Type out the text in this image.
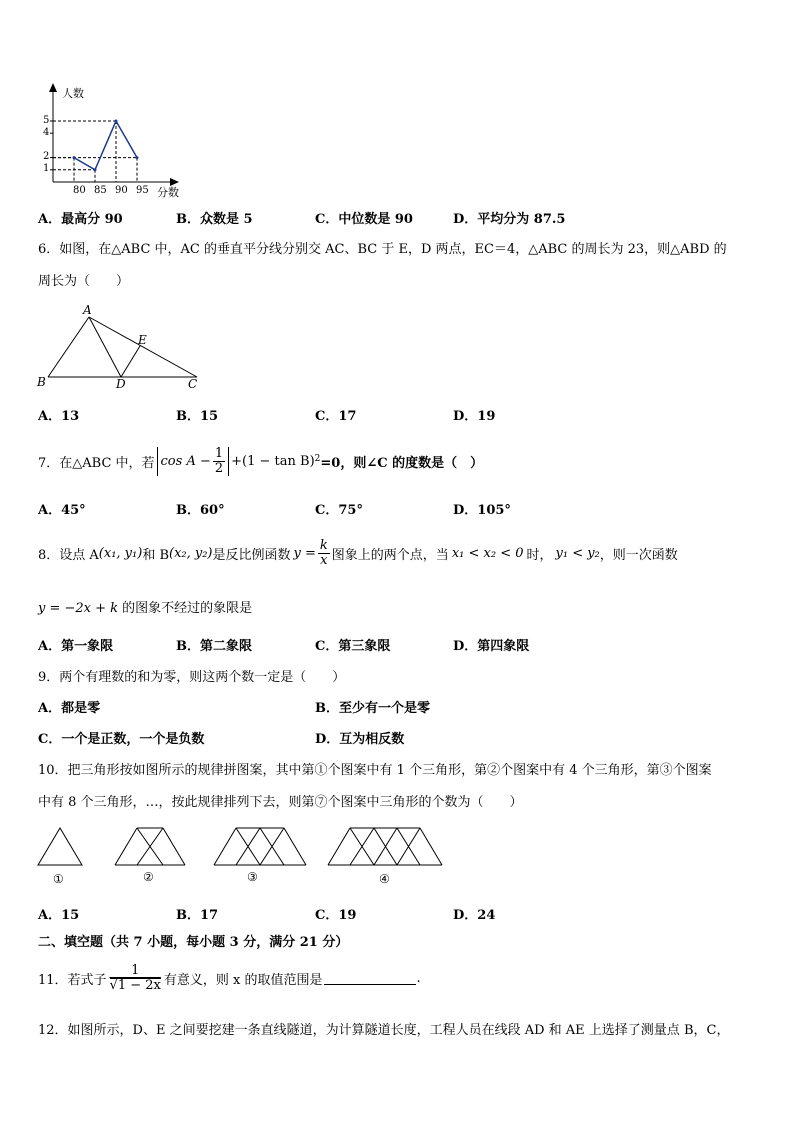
人数
分数
5
4
2
1
80 85 90 95
A．最高分 90	B．众数是 5	C．中位数是 90	D．平均分为 87.5
6．如图，在△ABC 中，AC 的垂直平分线分别交 AC、BC 于 E，D 两点，EC＝4，△ABC 的周长为 23，则△ABD 的
周长为（　　）
A
B	C
D
E
A．13	B．15	C．17	D．19
7．在△ABC 中，若 $\cos A - \frac{1}{2} +(1 - \tan B)^2 =0$，则∠C 的度数是（　）
A．45°	B．60°	C．75°	D．105°
8．设点 A (x₁, y₁) 和 B (x₂, y₂) 是反比例函数 $y = \frac{k}{x}$ 图象上的两个点，当 x₁ < x₂ < 0 时， y₁ < y₂ ，则一次函数
y = −2x + k 的图象不经过的象限是
A．第一象限	B．第二象限	C．第三象限	D．第四象限
9．两个有理数的和为零，则这两个数一定是（　　）
A．都是零	B．至少有一个是零
C．一个是正数，一个是负数	D．互为相反数
10．把三角形按如图所示的规律拼图案，其中第①个图案中有 1 个三角形，第②个图案中有 4 个三角形，第③个图案
中有 8 个三角形，…，按此规律排列下去，则第⑦个图案中三角形的个数为（　　）
①	②	③	④
A．15	B．17	C．19	D．24
二、填空题（共 7 小题，每小题 3 分，满分 21 分）
11．若式子 $\frac{1}{√1 - 2x}$ 有意义，则 x 的取值范围是	.
12．如图所示，D、E 之间要挖建一条直线隧道，为计算隧道长度，工程人员在线段 AD 和 AE 上选择了测量点 B，C，
